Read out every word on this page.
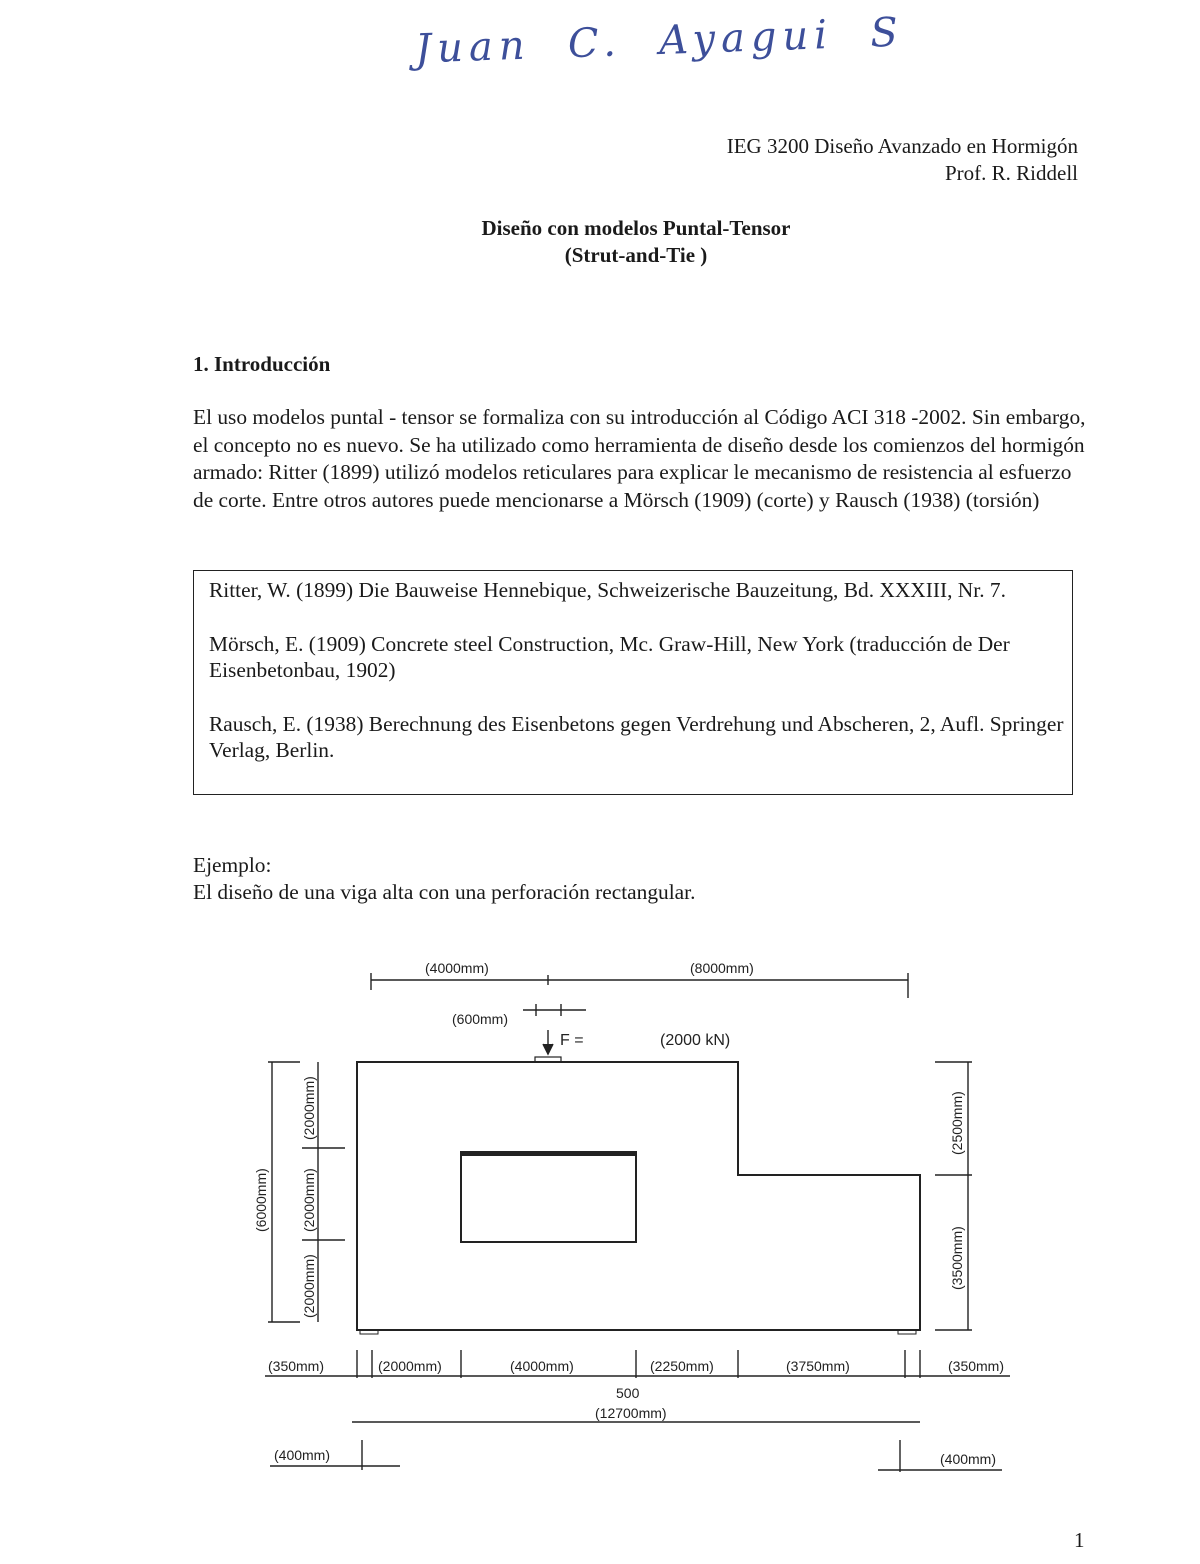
Juan  C.  Ayagui  S
IEG 3200 Diseño Avanzado en Hormigón
Prof. R. Riddell
Diseño con modelos Puntal-Tensor
(Strut-and-Tie )
1. Introducción

El uso modelos puntal - tensor se formaliza con su introducción al Código ACI 318 -2002. Sin embargo, el concepto no es nuevo. Se ha utilizado como herramienta de diseño desde los comienzos del hormigón armado: Ritter (1899) utilizó modelos reticulares para explicar le mecanismo de resistencia al esfuerzo de corte. Entre otros autores puede mencionarse a Mörsch (1909) (corte) y Rausch (1938) (torsión)

Ritter, W. (1899) Die Bauweise Hennebique, Schweizerische Bauzeitung, Bd. XXXIII, Nr. 7.

Mörsch, E. (1909) Concrete steel Construction, Mc. Graw-Hill, New York (traducción de Der Eisenbetonbau, 1902)

Rausch, E. (1938) Berechnung des Eisenbetons gegen Verdrehung und Abscheren, 2, Aufl. Springer Verlag, Berlin.

Ejemplo:
El diseño de una viga alta con una perforación rectangular.
(4000mm)	(8000mm)
(600mm)
F =	(2000 kN)
(6000mm)
(2000mm)
(2000mm)
(2000mm)
(2500mm)
(3500mm)
(350mm)	(2000mm)	(4000mm)	(2250mm)	(3750mm)	(350mm)
500
(12700mm)
(400mm)	(400mm)
1
